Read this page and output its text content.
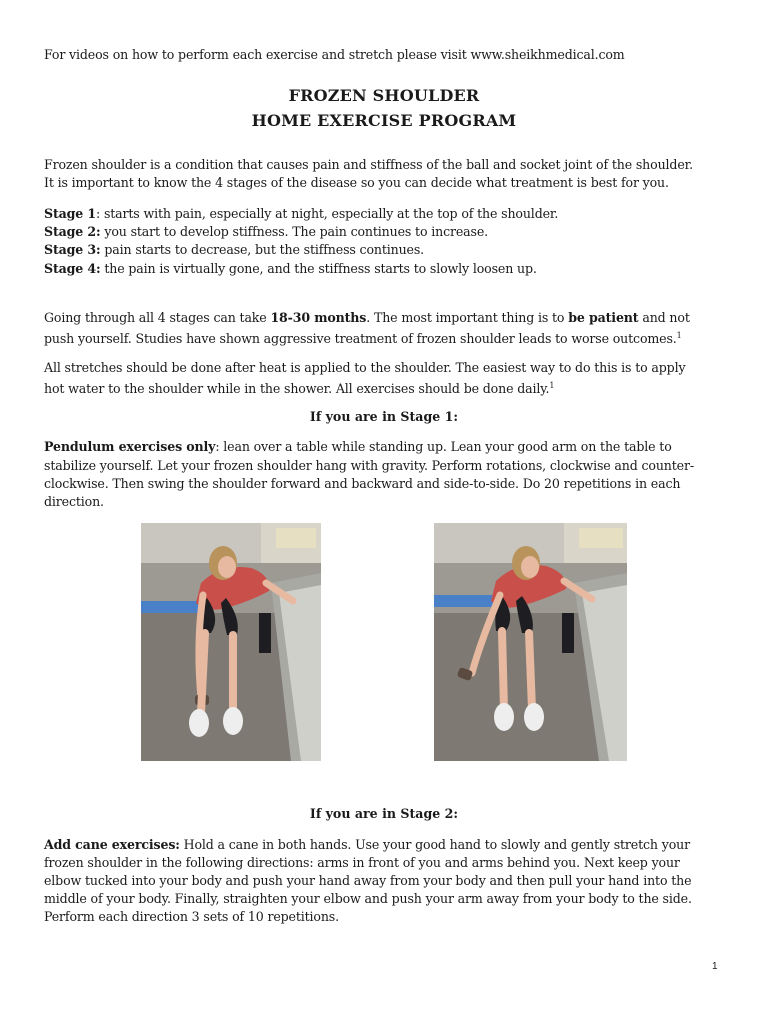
For videos on how to perform each exercise and stretch please visit www.sheikhmedical.com
FROZEN SHOULDER
HOME EXERCISE PROGRAM
Frozen shoulder is a condition that causes pain and stiffness of the ball and socket joint of the shoulder.
It is important to know the 4 stages of the disease so you can decide what treatment is best for you.
Stage 1: starts with pain, especially at night, especially at the top of the shoulder.
Stage 2: you start to develop stiffness. The pain continues to increase.
Stage 3: pain starts to decrease, but the stiffness continues.
Stage 4: the pain is virtually gone, and the stiffness starts to slowly loosen up.
Going through all 4 stages can take 18-30 months. The most important thing is to be patient and not
push yourself. Studies have shown aggressive treatment of frozen shoulder leads to worse outcomes.$^1$
All stretches should be done after heat is applied to the shoulder. The easiest way to do this is to apply
hot water to the shoulder while in the shower. All exercises should be done daily.$^1$
If you are in Stage 1:
Pendulum exercises only: lean over a table while standing up. Lean your good arm on the table to
stabilize yourself. Let your frozen shoulder hang with gravity. Perform rotations, clockwise and counter-
clockwise. Then swing the shoulder forward and backward and side-to-side. Do 20 repetitions in each
direction.
If you are in Stage 2:
Add cane exercises: Hold a cane in both hands. Use your good hand to slowly and gently stretch your
frozen shoulder in the following directions: arms in front of you and arms behind you. Next keep your
elbow tucked into your body and push your hand away from your body and then pull your hand into the
middle of your body. Finally, straighten your elbow and push your arm away from your body to the side.
Perform each direction 3 sets of 10 repetitions.
1
